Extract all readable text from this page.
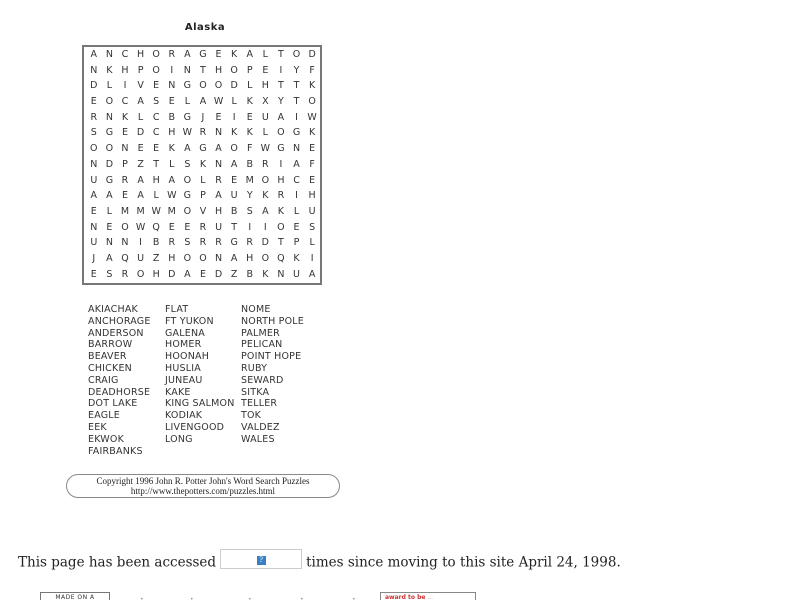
Alaska
A N C H O R A G E K A	L	T O D
N K H P O	I	N T H O P	E	I	Y	F
D L	I	V E N G O O D L H T	T	K
E O C A S	E	L	A W L	K X Y	T O
R N K	L	C B G	J	E	I	E U A	I W
S G E D C H W R N K K	L O G K
O O N E	E K A G A O F W G N E
N D P Z T	L	S K N A B R	I	A	F
U G R A H A O L	R E M O H C E
A A E A	L W G P A U Y	K R	I	H
E	L M M W M O V H B S A K	L U
N E O W Q E	E R U T	I	I	O E	S
U N N	I	B R S R R G R D T	P	L
J	A Q U Z H O O N A H O Q K	I
E	S R O H D A E D Z B K N U A
AKIACHAK
ANCHORAGE
ANDERSON
BARROW
BEAVER
CHICKEN
CRAIG
DEADHORSE
DOT LAKE
EAGLE
EEK
EKWOK
FAIRBANKS
FLAT
FT YUKON
GALENA
HOMER
HOONAH
HUSLIA
JUNEAU
KAKE
KING SALMON
KODIAK
LIVENGOOD
LONG
NOME
NORTH POLE
PALMER
PELICAN
POINT HOPE
RUBY
SEWARD
SITKA
TELLER
TOK
VALDEZ
WALES
Copyright 1996 John R. Potter John's Word Search Puzzles
http://www.thepotters.com/puzzles.html
This page has been accessed	?	times since moving to this site April 24, 1998.
MADE ON A	•	•	•	•	•	award to be ...
